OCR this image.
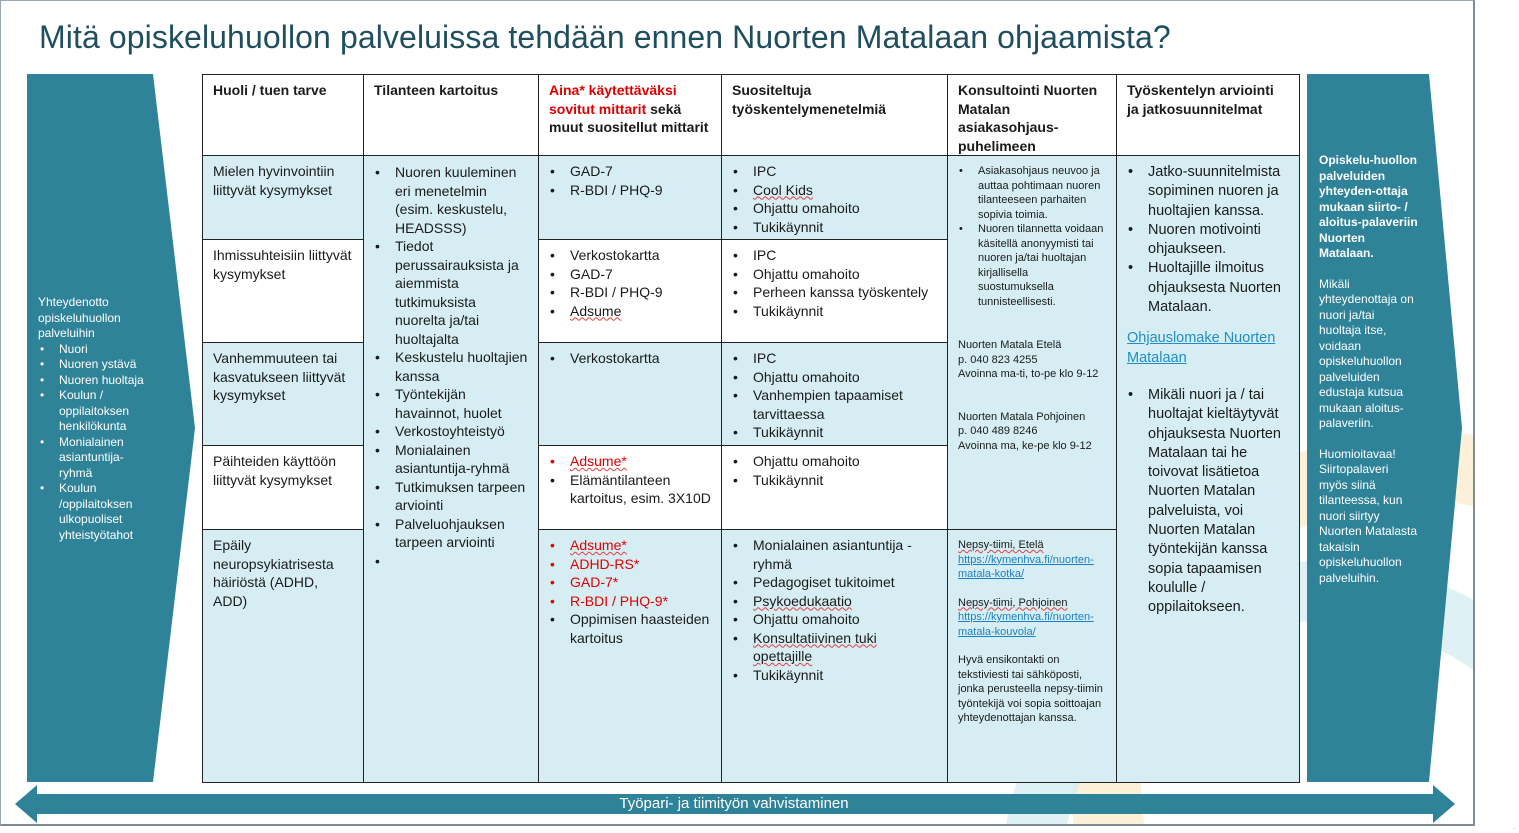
Mitä opiskeluhuollon palveluissa tehdään ennen Nuorten Matalaan ohjaamista?
Yhteydenotto opiskeluhuollon palveluihin
• Nuori
• Nuoren ystävä
• Nuoren huoltaja
• Koulun / oppilaitoksen henkilökunta
• Monialainen asiantuntija-ryhmä
• Koulun /oppilaitoksen ulkopuoliset yhteistyötahot

Opiskelu-huollon palveluiden yhteyden-ottaja mukaan siirto- / aloitus-palaveriin Nuorten Matalaan.

Mikäli yhteydenottaja on nuori ja/tai huoltaja itse, voidaan opiskeluhuollon palveluiden edustaja kutsua mukaan aloitus-palaveriin.

Huomioitavaa! Siirtopalaveri myös siinä tilanteessa, kun nuori siirtyy Nuorten Matalasta takaisin opiskeluhuollon palveluihin.

Huoli / tuen tarve	Tilanteen kartoitus	Aina* käytettäväksi sovitut mittarit sekä muut suositellut mittarit
Suositeltuja työskentelymenetelmiä
Konsultointi Nuorten Matalan asiakasohjaus-puhelimeen
Työskentelyn arviointi ja jatkosuunnitelmat
Mielen hyvinvointiin liittyvät kysymykset
Ihmissuhteisiin liittyvät kysymykset
Vanhemmuuteen tai kasvatukseen liittyvät kysymykset
Päihteiden käyttöön liittyvät kysymykset
Epäily neuropsykiatrisesta häiriöstä (ADHD, ADD)
• Nuoren kuuleminen eri menetelmin (esim. keskustelu, HEADSSS)
• Tiedot perussairauksista ja aiemmista tutkimuksista nuorelta ja/tai huoltajalta
• Keskustelu huoltajien kanssa
• Työntekijän havainnot, huolet
• Verkostoyhteistyö
• Monialainen asiantuntija-ryhmä
• Tutkimuksen tarpeen arviointi
• Palveluohjauksen tarpeen arviointi
• GAD-7
• R-BDI / PHQ-9
• Verkostokartta
• GAD-7
• R-BDI / PHQ-9
• Adsume
• Verkostokartta
• Adsume*
• Elämäntilanteen kartoitus, esim. 3X10D
• Adsume*
• ADHD-RS*
• GAD-7*
• R-BDI / PHQ-9*
• Oppimisen haasteiden kartoitus
• IPC
• Cool Kids
• Ohjattu omahoito
• Tukikäynnit
• IPC
• Ohjattu omahoito
• Perheen kanssa työskentely
• Tukikäynnit
• IPC
• Ohjattu omahoito
• Vanhempien tapaamiset tarvittaessa
• Tukikäynnit
• Ohjattu omahoito
• Tukikäynnit
• Monialainen asiantuntija -ryhmä
• Pedagogiset tukitoimet
• Psykoedukaatio
• Ohjattu omahoito
• Konsultatiivinen tuki opettajille
• Tukikäynnit
• Asiakasohjaus neuvoo ja auttaa pohtimaan nuoren tilanteeseen parhaiten sopivia toimia.
• Nuoren tilannetta voidaan käsitellä anonyymisti tai nuoren ja/tai huoltajan kirjallisella suostumuksella tunnisteellisesti.
Nuorten Matala Etelä
p. 040 823 4255
Avoinna ma-ti, to-pe klo 9-12
Nuorten Matala Pohjoinen
p. 040 489 8246
Avoinna ma, ke-pe klo 9-12
Nepsy-tiimi, Etelä
https://kymenhva.fi/nuorten-matala-kotka/
Nepsy-tiimi, Pohjoinen
https://kymenhva.fi/nuorten-matala-kouvola/
Hyvä ensikontakti on tekstiviesti tai sähköposti, jonka perusteella nepsy-tiimin työntekijä voi sopia soittoajan yhteydenottajan kanssa.
• Jatko-suunnitelmista sopiminen nuoren ja huoltajien kanssa.
• Nuoren motivointi ohjaukseen.
• Huoltajille ilmoitus ohjauksesta Nuorten Matalaan.
Ohjauslomake Nuorten Matalaan
• Mikäli nuori ja / tai huoltajat kieltäytyvät ohjauksesta Nuorten Matalaan tai he toivovat lisätietoa Nuorten Matalan palveluista, voi Nuorten Matalan työntekijän kanssa sopia tapaamisen koululle / oppilaitokseen.
Työpari- ja tiimityön vahvistaminen
.
